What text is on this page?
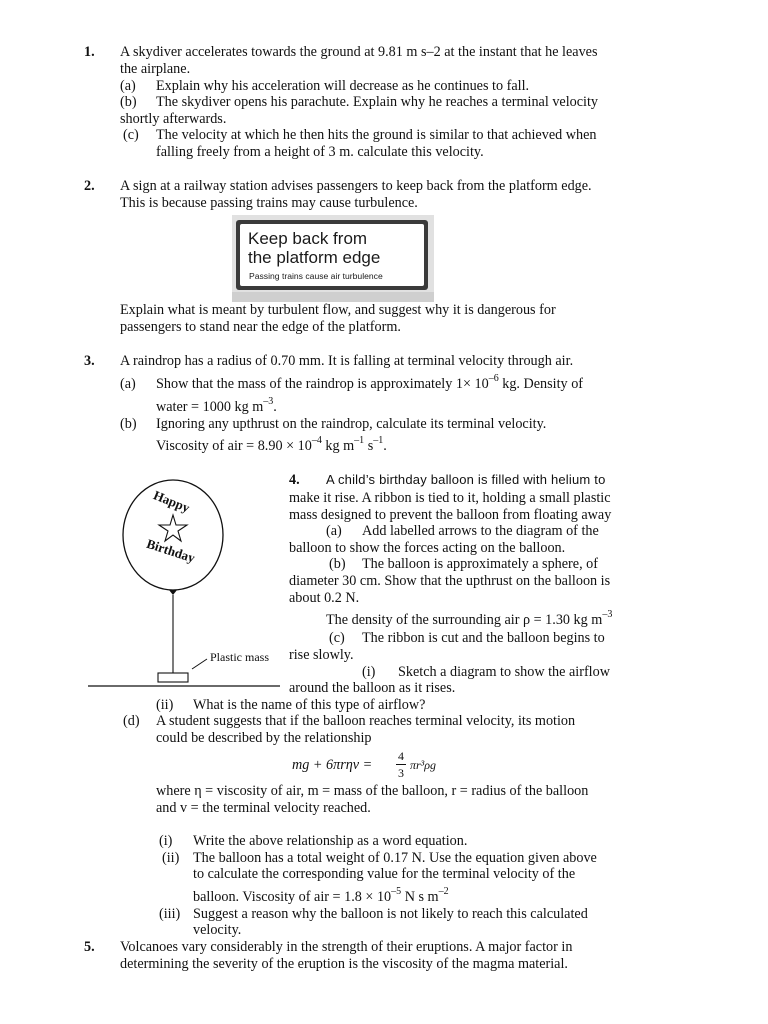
1. A skydiver accelerates towards the ground at 9.81 m s–2 at the instant that he leaves
the airplane.
(a) Explain why his acceleration will decrease as he continues to fall.
(b) The skydiver opens his parachute. Explain why he reaches a terminal velocity
shortly afterwards.
(c) The velocity at which he then hits the ground is similar to that achieved when
falling freely from a height of 3 m. calculate this velocity.
2. A sign at a railway station advises passengers to keep back from the platform edge.
This is because passing trains may cause turbulence.
Keep back from
the platform edge
Passing trains cause air turbulence
Explain what is meant by turbulent flow, and suggest why it is dangerous for
passengers to stand near the edge of the platform.
3. A raindrop has a radius of 0.70 mm. It is falling at terminal velocity through air.
(a) Show that the mass of the raindrop is approximately $1\times 10^{-6}$ kg. Density of
water = 1000 kg $m^{-3}$.
(b) Ignoring any upthrust on the raindrop, calculate its terminal velocity.
Viscosity of air = $8.90 \times 10^{-4}$ kg $m^{-1}$ $s^{-1}$.
Happy
Birthday
Plastic mass
4. A child’s birthday balloon is filled with helium to
make it rise. A ribbon is tied to it, holding a small plastic
mass designed to prevent the balloon from floating away
(a) Add labelled arrows to the diagram of the
balloon to show the forces acting on the balloon.
(b) The balloon is approximately a sphere, of
diameter 30 cm. Show that the upthrust on the balloon is
about 0.2 N.
The density of the surrounding air ρ = 1.30 kg $m^{-3}$
(c) The ribbon is cut and the balloon begins to
rise slowly.
(i) Sketch a diagram to show the airflow
around the balloon as it rises.
(ii) What is the name of this type of airflow?
(d) A student suggests that if the balloon reaches terminal velocity, its motion
could be described by the relationship
mg + 6πrηv =
4
3
πr³ρg
where η = viscosity of air, m = mass of the balloon, r = radius of the balloon
and v = the terminal velocity reached.
(i) Write the above relationship as a word equation.
(ii) The balloon has a total weight of 0.17 N. Use the equation given above
to calculate the corresponding value for the terminal velocity of the
balloon. Viscosity of air = $1.8 \times 10^{-5}$ N s $m^{-2}$
(iii) Suggest a reason why the balloon is not likely to reach this calculated
velocity.
5. Volcanoes vary considerably in the strength of their eruptions. A major factor in
determining the severity of the eruption is the viscosity of the magma material.
